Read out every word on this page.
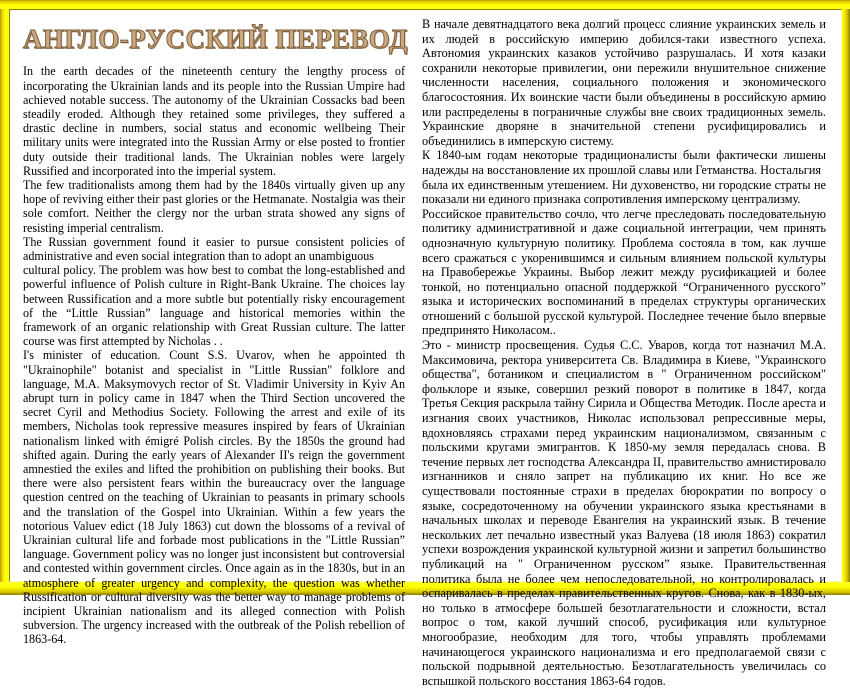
АНГЛО-РУССКИЙ ПЕРЕВОД

In the earth decades of the nineteenth century the lengthy process of incorporating the Ukrainian lands and its people into the Russian Umpire had achieved notable success. The autonomy of the Ukrainian Cossacks bad been steadily eroded. Although they retained some privileges, they suffered a drastic decline in numbers, social status and economic wellbeing Their military units were integrated into the Russian Army or else posted to frontier duty outside their traditional lands. The Ukrainian nobles were largely Russified and incorporated into the imperial system.

The few traditionalists among them had by the 1840s virtually given up any hope of reviving either their past glories or the Hetmanate. Nostalgia was their sole comfort. Neither the clergy nor the urban strata showed any signs of resisting imperial centralism.

The Russian government found it easier to pursue consistent policies of administrative and even social integration than to adopt an unambiguous

cultural policy. The problem was how best to combat the long-established and powerful influence of Polish culture in Right-Bank Ukraine. The choices lay between Russification and a more subtle but potentially risky encouragement of the “Little Russian” language and historical memories within the framework of an organic relationship with Great Russian culture. The latter course was first attempted by Nicholas . .

I's minister of education. Count S.S. Uvarov, when he appointed th "Ukrainophile" botanist and specialist in "Little Russian" folklore and language, M.A. Maksymovych rector of St. Vladimir University in Kyiv An abrupt turn in policy came in 1847 when the Third Section uncovered the secret Cyril and Methodius Society. Following the arrest and exile of its members, Nicholas took repressive measures inspired by fears of Ukrainian nationalism linked with émigré Polish circles. By the 1850s the ground had shifted again. During the early years of Alexander II's reign the government amnestied the exiles and lifted the prohibition on publishing their books. But there were also persistent fears within the bureaucracy over the language question centred on the teaching of Ukrainian to peasants in primary schools and the translation of the Gospel into Ukrainian. Within a few years the notorious Valuev edict (18 July 1863) cut down the blossoms of a revival of Ukrainian cultural life and forbade most publications in the "Little Russian” language. Government policy was no longer just inconsistent but controversial and contested within government circles. Once again as in the 1830s, but in an atmosphere of greater urgency and complexity, the question was whether Russification or cultural diversity was the better way to manage problems of incipient Ukrainian nationalism and its alleged connection with Polish subversion. The urgency increased with the outbreak of the Polish rebellion of 1863-64.

В начале девятнадцатого века долгий процесс слияние украинских земель и их людей в российскую империю добился-таки известного успеха. Автономия украинских казаков устойчиво разрушалась. И хотя казаки сохранили некоторые привилегии, они пережили внушительное снижение численности населения, социального положения и экономического благосостояния. Их воинские части были объединены в российскую армию или распределены в пограничные службы вне своих традиционных земель. Украинские дворяне в значительной степени русифицировались и объединились в имперскую систему.

К 1840-ым годам некоторые традиционалисты были фактически лишены надежды на восстановление их прошлой славы или Гетманства. Ностальгия

была их единственным утешением. Ни духовенство, ни городские страты не показали ни единого признака сопротивления имперскому централизму.

Российское правительство сочло, что легче преследовать последовательную политику административной и даже социальной интеграции, чем принять однозначную культурную политику. Проблема состояла в том, как лучше всего сражаться с укоренившимся и сильным влиянием польской культуры на Правобережье Украины. Выбор лежит между русификацией и более тонкой, но потенциально опасной поддержкой “Ограниченного русского” языка и исторических воспоминаний в пределах структуры органических отношений с большой русской культурой. Последнее течение было впервые предпринято Николасом..

Это - министр просвещения. Судья С.С. Уваров, когда тот назначил М.А. Максимовича, ректора университета Св. Владимира в Киеве, "Украинского общества", ботаником и специалистом в " Ограниченном российском" фольклоре и языке, совершил резкий поворот в политике в 1847, когда Третья Секция раскрыла тайну Сирила и Общества Методик. После ареста и изгнания своих участников, Николас использовал репрессивные меры, вдохновляясь страхами перед украинским национализмом, связанным с польскими кругами эмигрантов. К 1850-му земля передалась снова. В течение первых лет господства Александра II, правительство амнистировало изгнанников и сняло запрет на публикацию их книг. Но все же существовали постоянные страхи в пределах бюрократии по вопросу о языке, сосредоточенному на обучении украинского языка крестьянами в начальных школах и переводе Евангелия на украинский язык. В течение нескольких лет печально известный указ Валуева (18 июля 1863) сократил успехи возрождения украинской культурной жизни и запретил большинство публикаций на " Ограниченном русском” языке. Правительственная политика была не более чем непоследовательной, но контролировалась и оспаривалась в пределах правительственных кругов. Снова, как в 1830-ых, но только в атмосфере большей безотлагательности и сложности, встал вопрос о том, какой лучший способ, русификация или культурное многообразие, необходим для того, чтобы управлять проблемами начинающегося украинского национализма и его предполагаемой связи с польской подрывной деятельностью. Безотлагательность увеличилась со вспышкой польского восстания 1863-64 годов.
